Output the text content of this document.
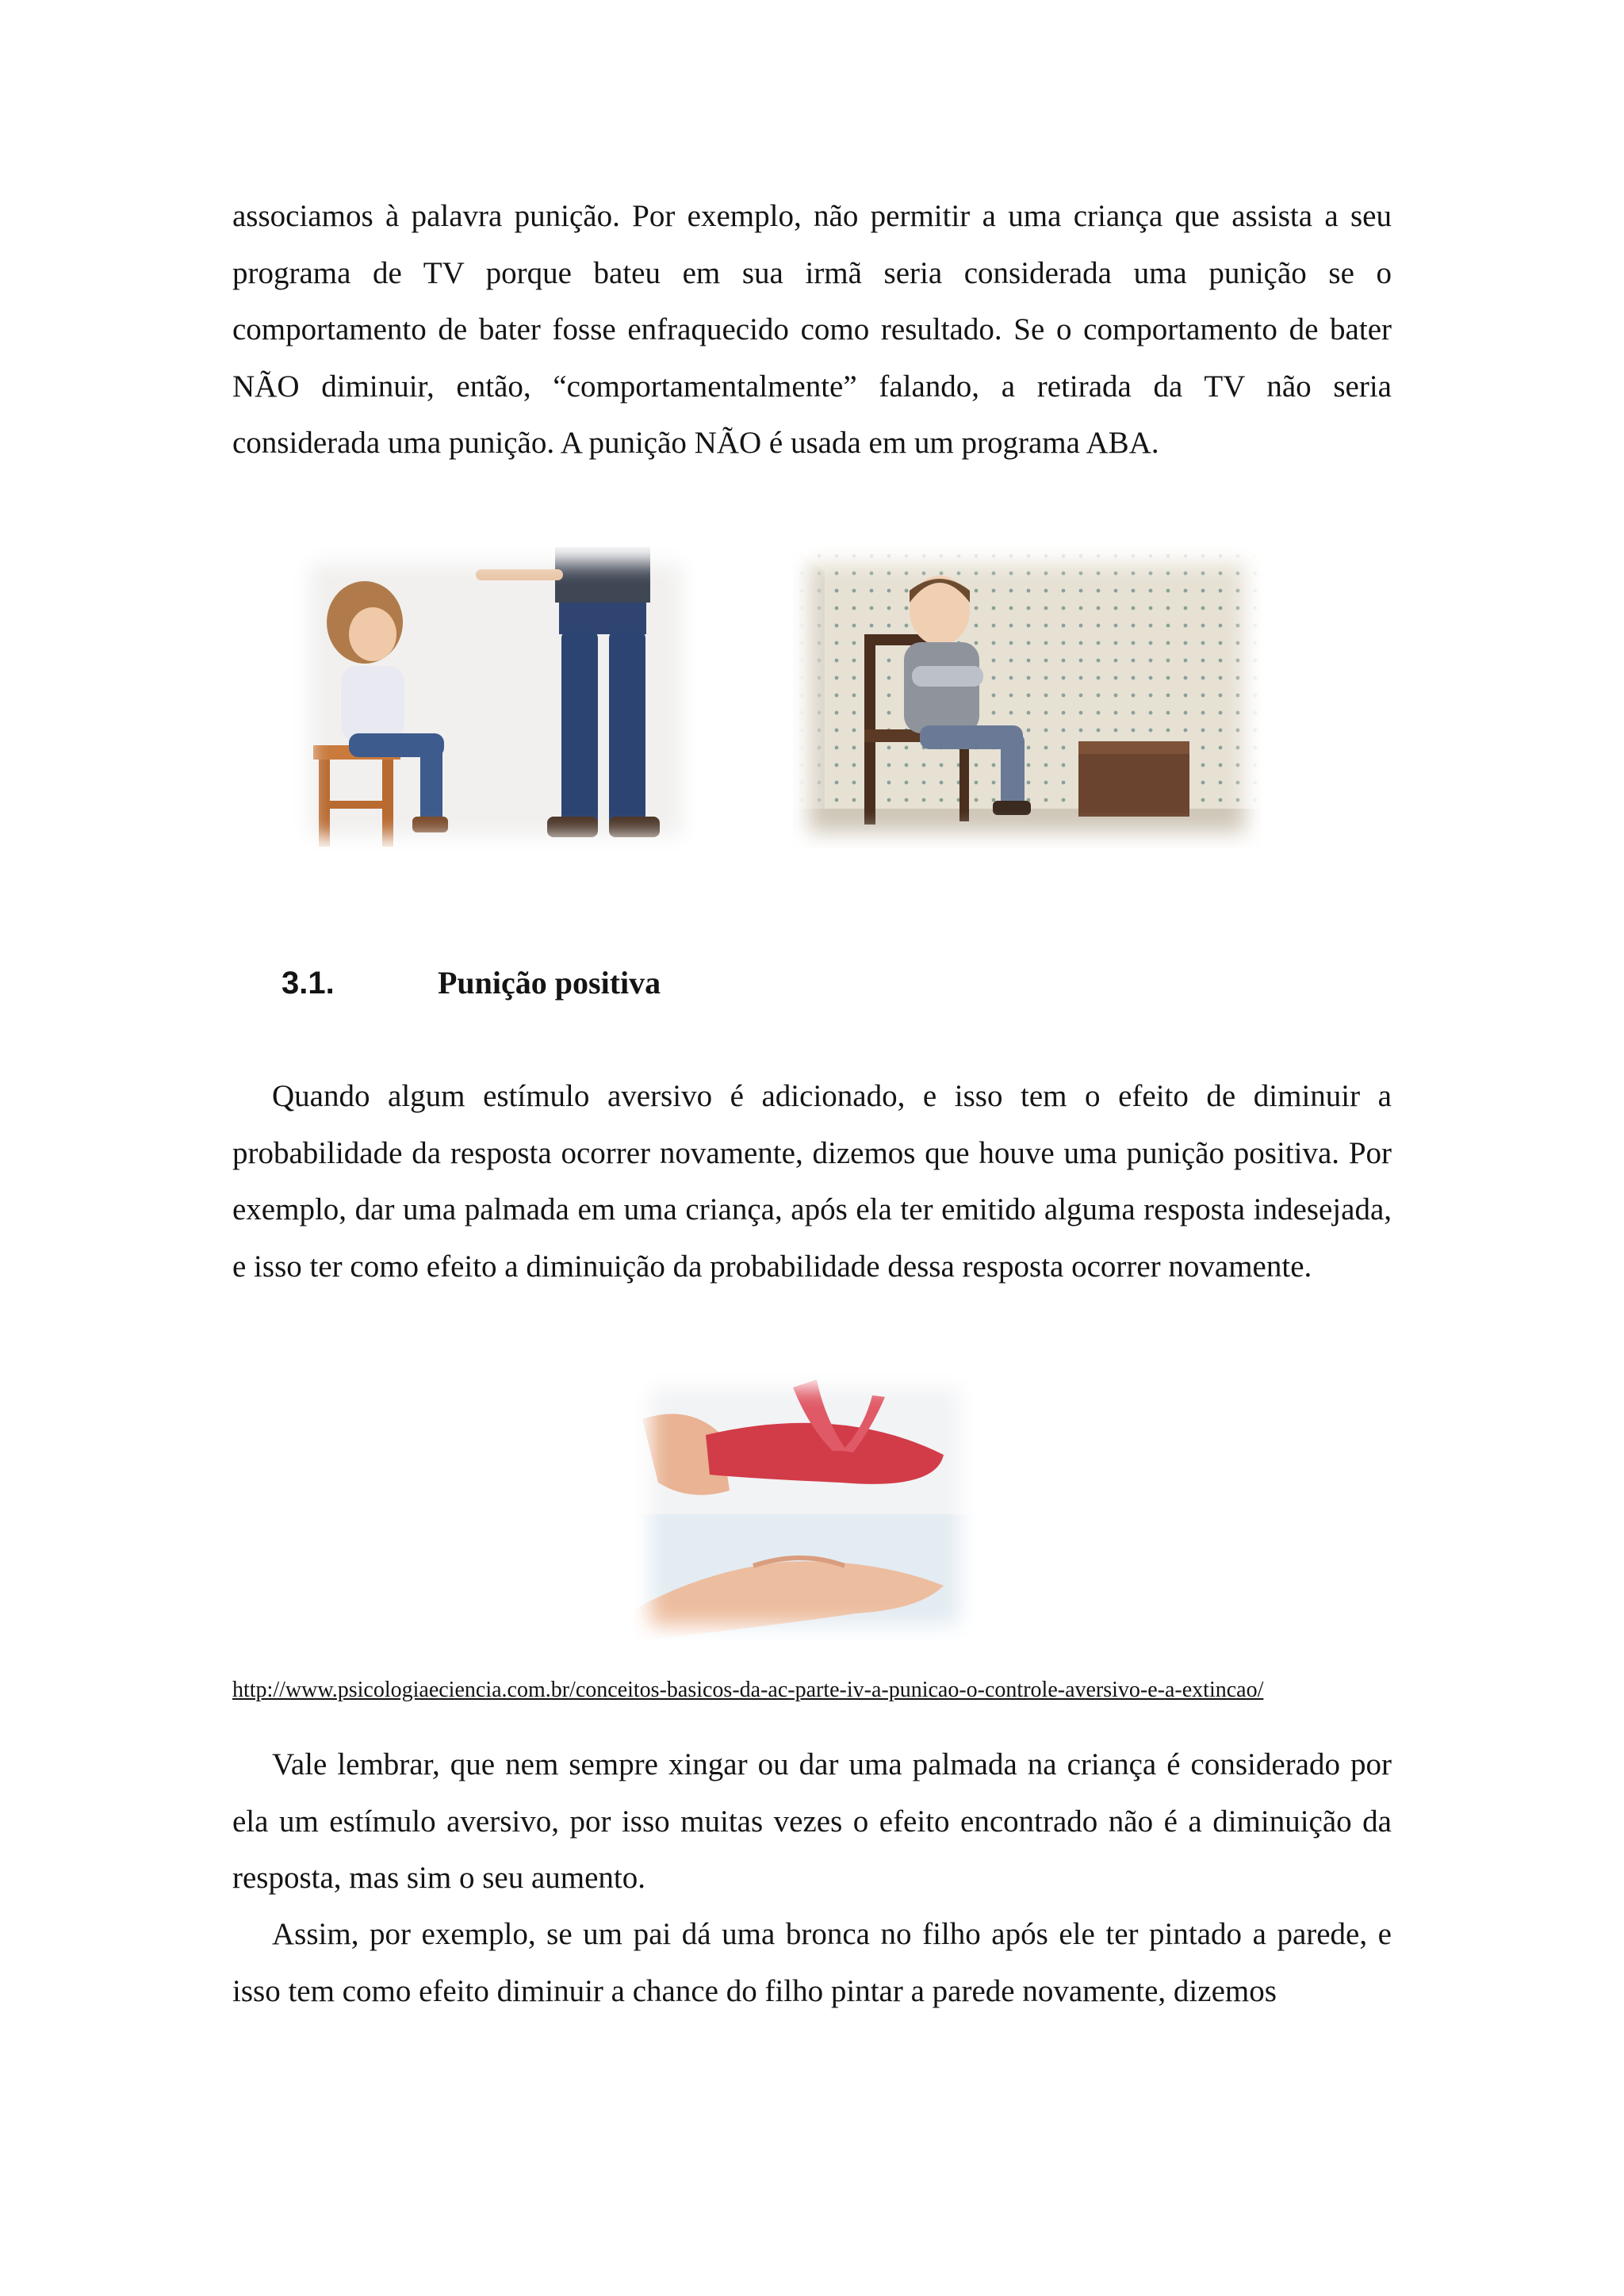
associamos à palavra punição. Por exemplo, não permitir a uma criança que assista a seu programa de TV porque bateu em sua irmã seria considerada uma punição se o comportamento de bater fosse enfraquecido como resultado. Se o comportamento de bater NÃO diminuir, então, “comportamentalmente” falando, a retirada da TV não seria considerada uma punição. A punição NÃO é usada em um programa ABA.

3.1.	Punição positiva

Quando algum estímulo aversivo é adicionado, e isso tem o efeito de diminuir a probabilidade da resposta ocorrer novamente, dizemos que houve uma punição positiva. Por exemplo, dar uma palmada em uma criança, após ela ter emitido alguma resposta indesejada, e isso ter como efeito a diminuição da probabilidade dessa resposta ocorrer novamente.

http://www.psicologiaeciencia.com.br/conceitos-basicos-da-ac-parte-iv-a-punicao-o-controle-aversivo-e-a-extincao/

Vale lembrar, que nem sempre xingar ou dar uma palmada na criança é considerado por ela um estímulo aversivo, por isso muitas vezes o efeito encontrado não é a diminuição da resposta, mas sim o seu aumento.

Assim, por exemplo, se um pai dá uma bronca no filho após ele ter pintado a parede, e isso tem como efeito diminuir a chance do filho pintar a parede novamente, dizemos
